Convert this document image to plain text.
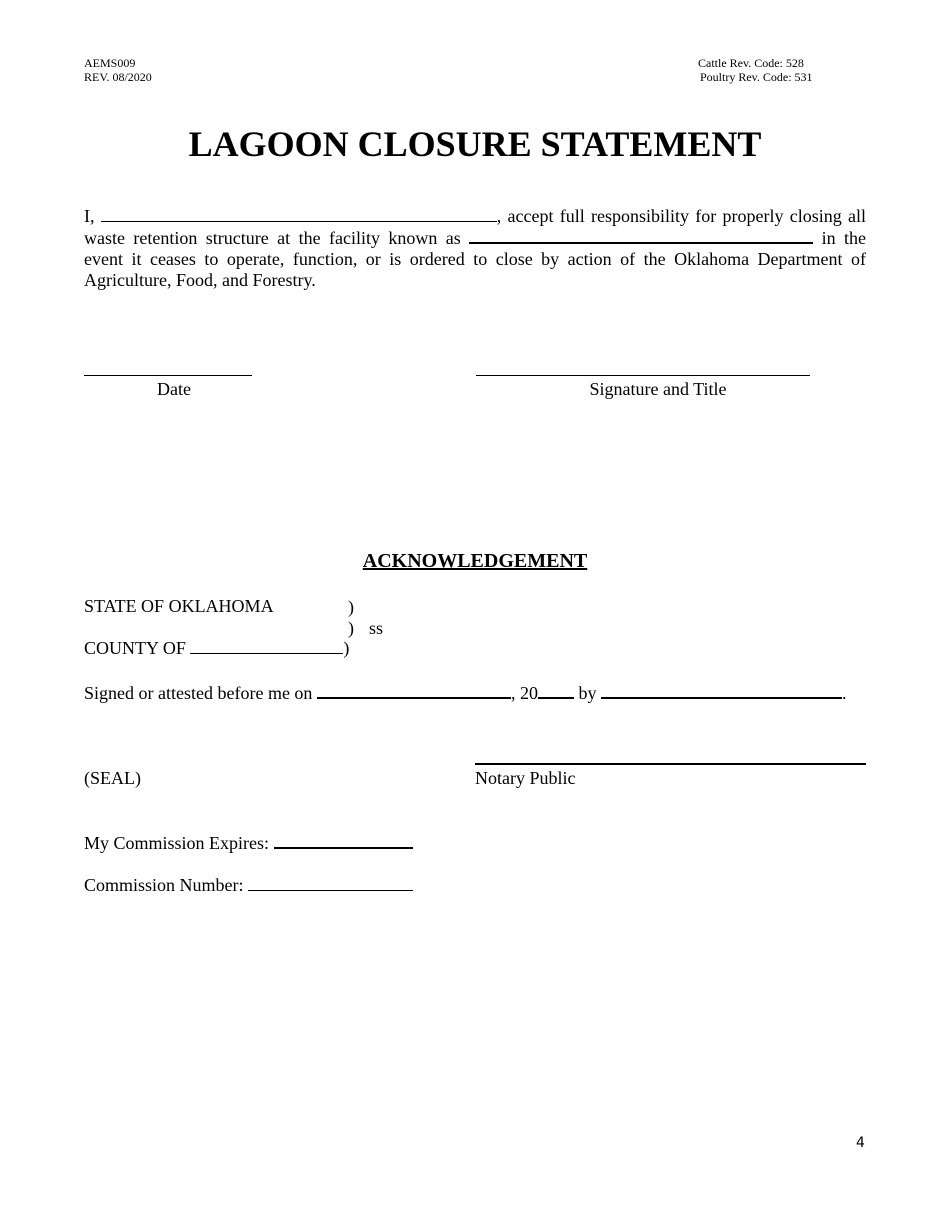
AEMS009
REV. 08/2020
Cattle Rev. Code: 528
Poultry Rev. Code: 531
LAGOON CLOSURE STATEMENT
I,	, accept full responsibility for properly closing all waste retention structure at the facility known as	in the event it ceases to operate, function, or is ordered to close by action of the Oklahoma Department of Agriculture, Food, and Forestry.
Date	Signature and Title
ACKNOWLEDGEMENT
STATE OF OKLAHOMA	)
) ss
COUNTY OF	)
Signed or attested before me on	, 20 by	.
(SEAL)	Notary Public
My Commission Expires:
Commission Number:
4
